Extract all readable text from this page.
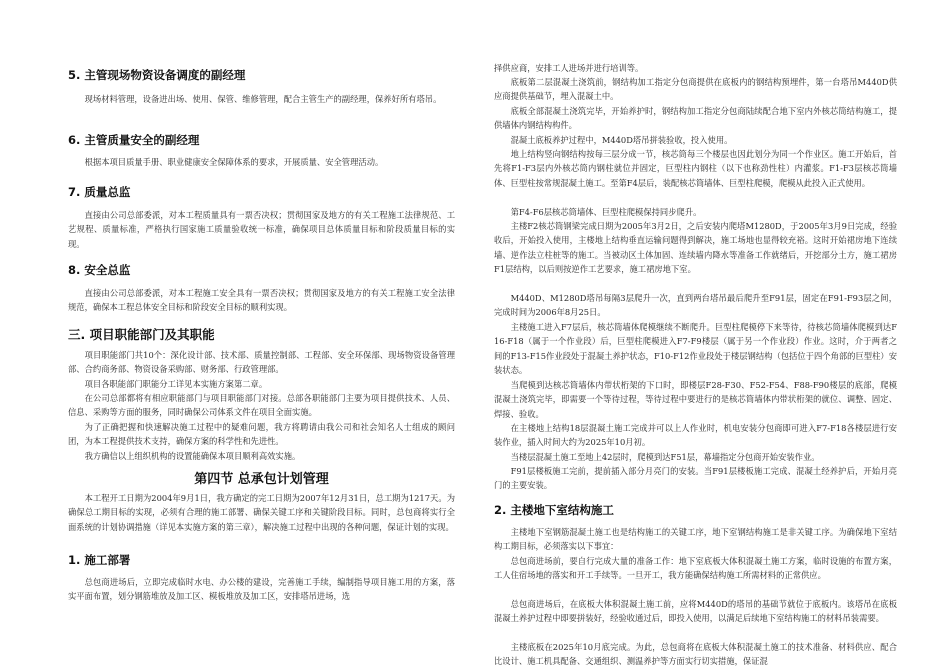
5. 主管现场物资设备调度的副经理

现场材料管理，设备进出场、使用、保管、维修管理，配合主管生产的副经理，保养好所有塔吊。

6. 主管质量安全的副经理

根据本项目质量手册、职业健康安全保障体系的要求，开展质量、安全管理活动。

7. 质量总监

直接由公司总部委派，对本工程质量具有一票否决权；贯彻国家及地方的有关工程施工法律规范、工艺规程、质量标准，严格执行国家施工质量验收统一标准，确保项目总体质量目标和阶段质量目标的实现。

8. 安全总监

直接由公司总部委派，对本工程施工安全具有一票否决权；贯彻国家及地方的有关工程施工安全法律规范，确保本工程总体安全目标和阶段安全目标的顺利实现。

三. 项目职能部门及其职能

项目职能部门共10个：深化设计部、技术部、质量控制部、工程部、安全环保部、现场物资设备管理部、合约商务部、物资设备采购部、财务部、行政管理部。

项目各职能部门职能分工详见本实施方案第二章。

在公司总部都将有相应职能部门与项目职能部门对接。总部各职能部门主要为项目提供技术、人员、信息、采购等方面的服务，同时确保公司体系文件在项目全面实施。

为了正确把握和快速解决施工过程中的疑难问题，我方将聘请由我公司和社会知名人士组成的顾问团，为本工程提供技术支持，确保方案的科学性和先进性。

我方确信以上组织机构的设置能确保本项目顺利高效实施。

第四节 总承包计划管理

本工程开工日期为2004年9月1日，我方确定的完工日期为2007年12月31日，总工期为1217天。为确保总工期目标的实现，必须有合理的施工部署、确保关键工序和关键阶段目标。同时，总包商将实行全面系统的计划协调措施（详见本实施方案的第三章），解决施工过程中出现的各种问题，保证计划的实现。

1. 施工部署

总包商进场后，立即完成临时水电、办公楼的建设，完善施工手续，编制指导项目施工用的方案，落实平面布置，划分钢筋堆放及加工区、模板堆放及加工区，安排塔吊进场，选

择供应商，安排工人进场并进行培训等。

底板第二层混凝土浇筑前，钢结构加工指定分包商提供在底板内的钢结构预埋件，第一台塔吊M440D供应商提供基础节，埋入混凝土中。

底板全部混凝土浇筑完毕，开始养护时，钢结构加工指定分包商陆续配合地下室内外核芯筒结构施工，提供墙体内钢结构构件。

混凝土底板养护过程中，M440D塔吊拼装验收，投入使用。

地上结构竖向钢结构按每三层分成一节，核芯筒每三个楼层也因此划分为同一个作业区。施工开始后，首先将F1-F3层内外核芯筒内钢柱就位并固定，巨型柱内钢柱（以下也称劲性柱）内灌浆。F1-F3层核芯筒墙体、巨型柱按常规混凝土施工。至第F4层后，装配核芯筒墙体、巨型柱爬模，爬模从此投入正式使用。

第F4-F6层核芯筒墙体、巨型柱爬模保持同步爬升。

主楼F2核芯筒钢梁完成日期为2005年3月2日，之后安装内爬塔M1280D，于2005年3月9日完成，经验收后，开始投入使用，主楼地上结构垂直运输问题得到解决，施工场地也显得较充裕。这时开始裙房地下连续墙、逆作法立柱桩等的施工。当被动区土体加固、连续墙内降水等准备工作就绪后，开挖部分土方，施工裙房F1层结构，以后则按逆作工艺要求，施工裙房地下室。

M440D、M1280D塔吊每隔3层爬升一次，直到两台塔吊最后爬升至F91层，固定在F91-F93层之间，完成时间为2006年8月25日。

主楼施工进入F7层后，核芯筒墙体爬模继续不断爬升。巨型柱爬模停下来等待，待核芯筒墙体爬模到达F16-F18（属于一个作业段）后，巨型柱爬模进入F7-F9楼层（属于另一个作业段）作业。这时，介于两者之间的F13-F15作业段处于混凝土养护状态，F10-F12作业段处于楼层钢结构（包括位于四个角部的巨型柱）安装状态。

当爬模到达核芯筒墙体内带状桁架的下口时，即楼层F28-F30、F52-F54、F88-F90楼层的底部，爬模混凝土浇筑完毕，即需要一个等待过程，等待过程中要进行的是核芯筒墙体内带状桁架的就位、调整、固定、焊接、验收。

在主楼地上结构18层混凝土施工完成并可以上人作业时，机电安装分包商即可进入F7-F18各楼层进行安装作业，插入时间大约为2025年10月初。

当楼层混凝土施工至地上42层时，爬模到达F51层，幕墙指定分包商开始安装作业。

F91层楼板施工完前，提前插入部分月亮门的安装。当F91层楼板施工完成、混凝土经养护后，开始月亮门的主要安装。

2. 主楼地下室结构施工

主楼地下室钢筋混凝土施工也是结构施工的关键工序，地下室钢结构施工是非关键工序。为确保地下室结构工期目标，必须落实以下事宜：

总包商进场前，要自行完成大量的准备工作：地下室底板大体积混凝土施工方案，临时设施的布置方案，工人住宿场地的落实和开工手续等。一旦开工，我方能确保结构施工所需材料的正常供应。

总包商进场后，在底板大体积混凝土施工前，应将M440D的塔吊的基础节就位于底板内。该塔吊在底板混凝土养护过程中即要拼装好，经验收通过后，即投入使用，以满足后续地下室结构施工的材料吊装需要。

主楼底板在2025年10月底完成。为此，总包商将在底板大体积混凝土施工的技术准备、材料供应、配合比设计、施工机具配备、交通组织、测温养护等方面实行切实措施，保证混
